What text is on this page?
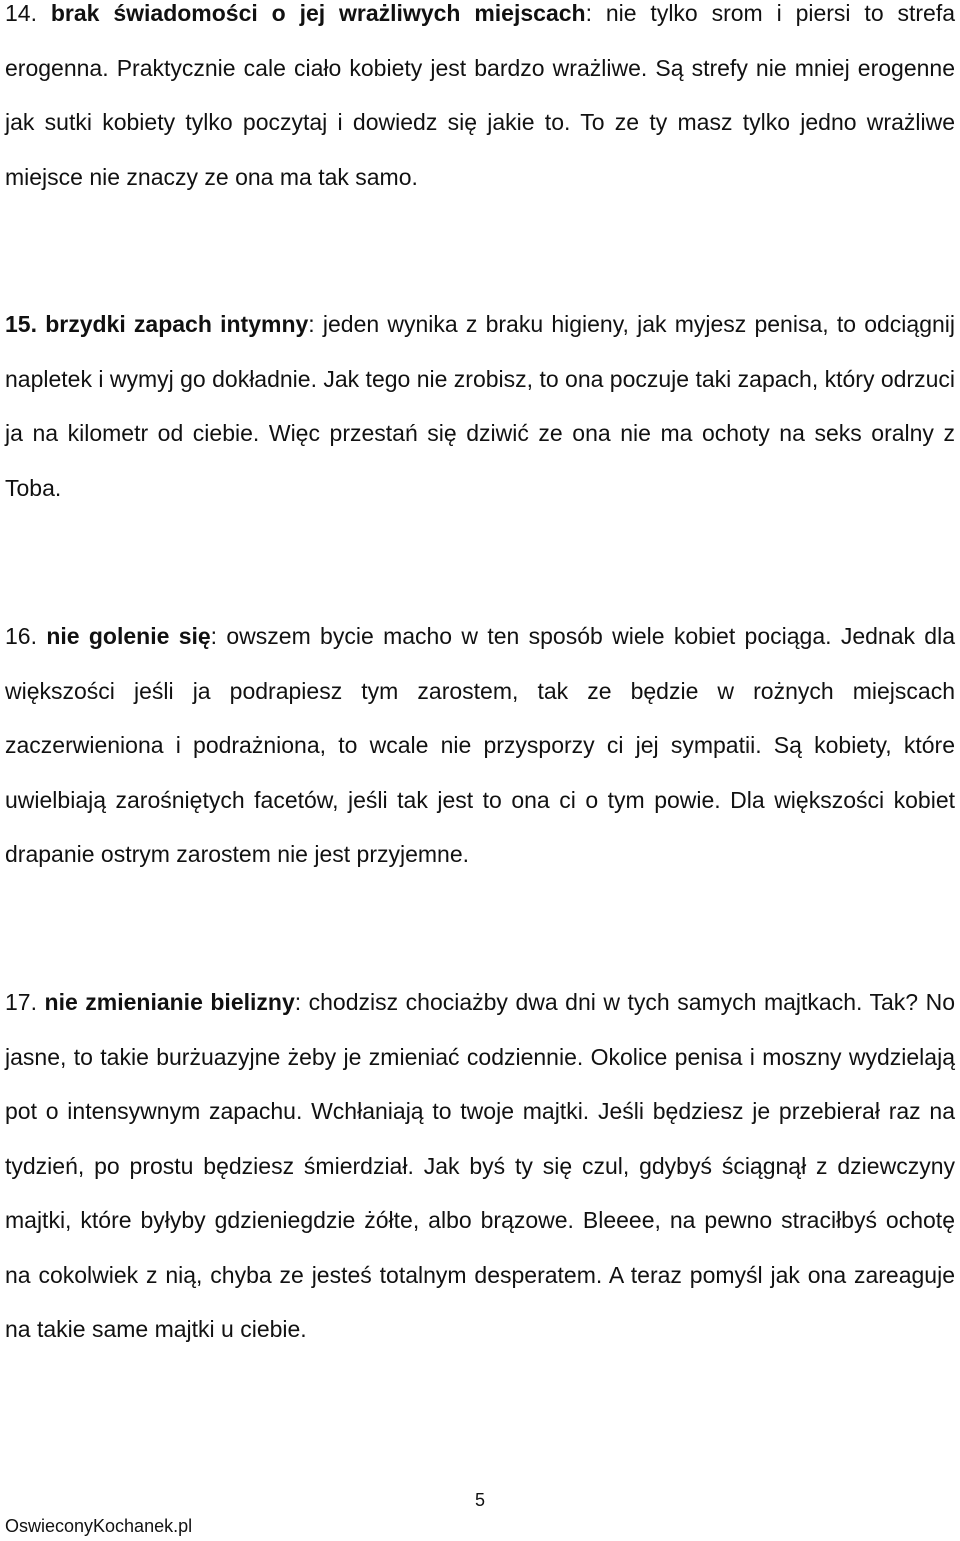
14. brak świadomości o jej wrażliwych miejscach: nie tylko srom i piersi to strefa erogenna. Praktycznie cale ciało kobiety jest bardzo wrażliwe. Są strefy nie mniej erogenne jak sutki kobiety tylko poczytaj i dowiedz się jakie to. To ze ty masz tylko jedno wrażliwe miejsce nie znaczy ze ona ma tak samo.

15. brzydki zapach intymny: jeden wynika z braku higieny, jak myjesz penisa, to odciągnij napletek i wymyj go dokładnie. Jak tego nie zrobisz, to ona poczuje taki zapach, który odrzuci ja na kilometr od ciebie. Więc przestań się dziwić ze ona nie ma ochoty na seks oralny z Toba.

16. nie golenie się: owszem bycie macho w ten sposób wiele kobiet pociąga. Jednak dla większości jeśli ja podrapiesz tym zarostem, tak ze będzie w rożnych miejscach zaczerwieniona i podrażniona, to wcale nie przysporzy ci jej sympatii. Są kobiety, które uwielbiają zarośniętych facetów, jeśli tak jest to ona ci o tym powie. Dla większości kobiet drapanie ostrym zarostem nie jest przyjemne.

17. nie zmienianie bielizny: chodzisz chociażby dwa dni w tych samych majtkach. Tak? No jasne, to takie burżuazyjne żeby je zmieniać codziennie. Okolice penisa i moszny wydzielają pot o intensywnym zapachu. Wchłaniają to twoje majtki. Jeśli będziesz je przebierał raz na tydzień, po prostu będziesz śmierdział. Jak byś ty się czul, gdybyś ściągnął z dziewczyny majtki, które byłyby gdzieniegdzie żółte, albo brązowe. Bleeee, na pewno straciłbyś ochotę na cokolwiek z nią, chyba ze jesteś totalnym desperatem. A teraz pomyśl jak ona zareaguje na takie same majtki u ciebie.

5
OswieconyKochanek.pl
